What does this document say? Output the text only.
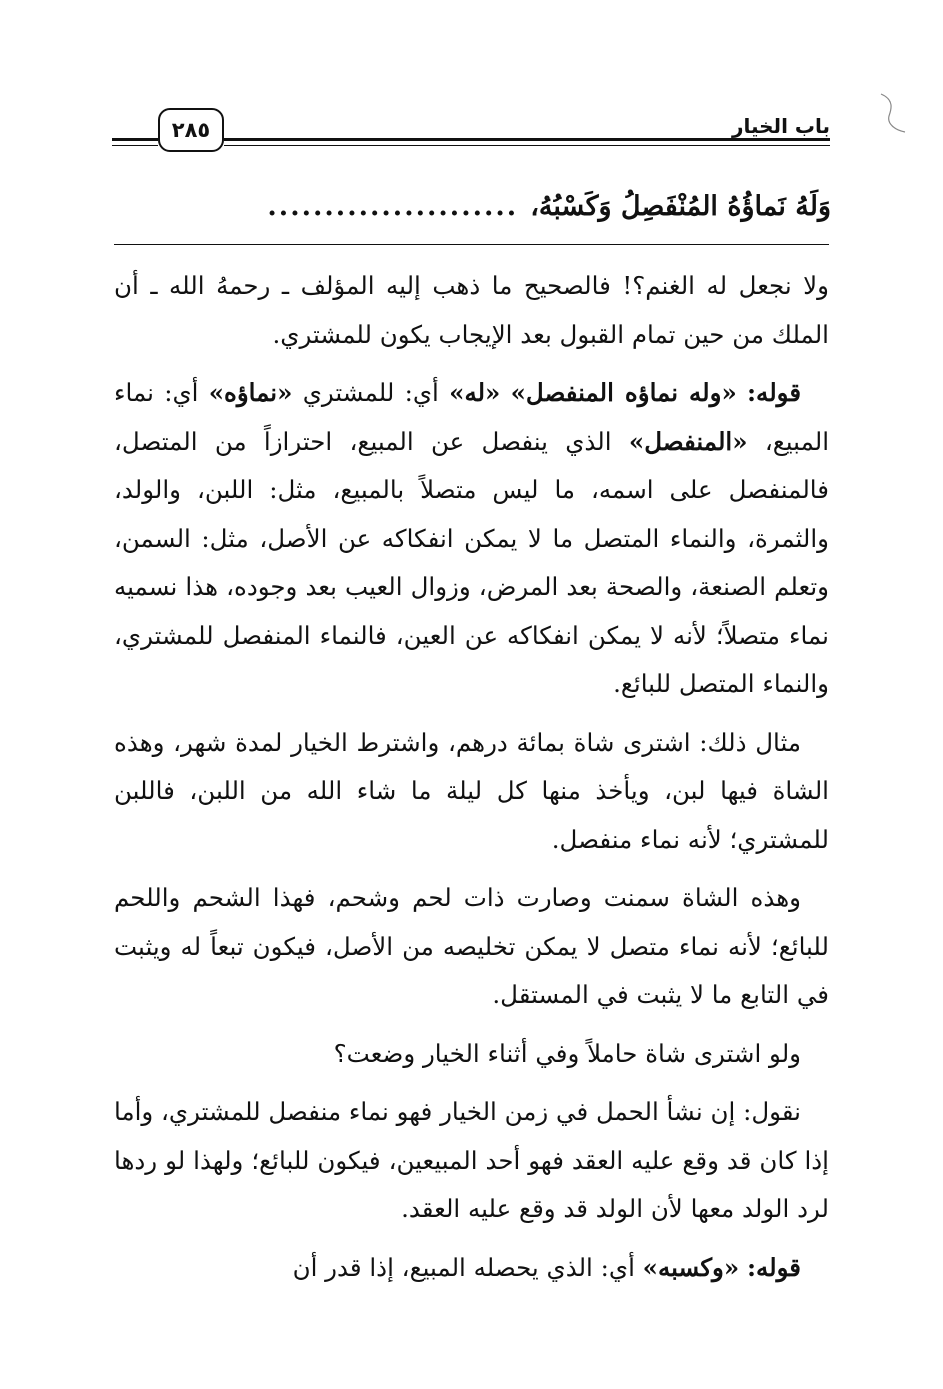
٢٨٥	باب الخيار
وَلَهُ نَماؤُهُ المُنْفَصِلُ وَكَسْبُهُ،
......................

ولا نجعل له الغنم؟! فالصحيح ما ذهب إليه المؤلف ـ رحمهُ الله ـ أن الملك من حين تمام القبول بعد الإيجاب يكون للمشتري.

قوله: «وله نماؤه المنفصل» «له» أي: للمشتري «نماؤه» أي: نماء المبيع، «المنفصل» الذي ينفصل عن المبيع، احترازاً من المتصل، فالمنفصل على اسمه، ما ليس متصلاً بالمبيع، مثل: اللبن، والولد، والثمرة، والنماء المتصل ما لا يمكن انفكاكه عن الأصل، مثل: السمن، وتعلم الصنعة، والصحة بعد المرض، وزوال العيب بعد وجوده، هذا نسميه نماء متصلاً؛ لأنه لا يمكن انفكاكه عن العين، فالنماء المنفصل للمشتري، والنماء المتصل للبائع.

مثال ذلك: اشترى شاة بمائة درهم، واشترط الخيار لمدة شهر، وهذه الشاة فيها لبن، ويأخذ منها كل ليلة ما شاء الله من اللبن، فاللبن للمشتري؛ لأنه نماء منفصل.

وهذه الشاة سمنت وصارت ذات لحم وشحم، فهذا الشحم واللحم للبائع؛ لأنه نماء متصل لا يمكن تخليصه من الأصل، فيكون تبعاً له ويثبت في التابع ما لا يثبت في المستقل.

ولو اشترى شاة حاملاً وفي أثناء الخيار وضعت؟

نقول: إن نشأ الحمل في زمن الخيار فهو نماء منفصل للمشتري، وأما إذا كان قد وقع عليه العقد فهو أحد المبيعين، فيكون للبائع؛ ولهذا لو ردها لرد الولد معها لأن الولد قد وقع عليه العقد.

قوله: «وكسبه» أي: الذي يحصله المبيع، إذا قدر أن
